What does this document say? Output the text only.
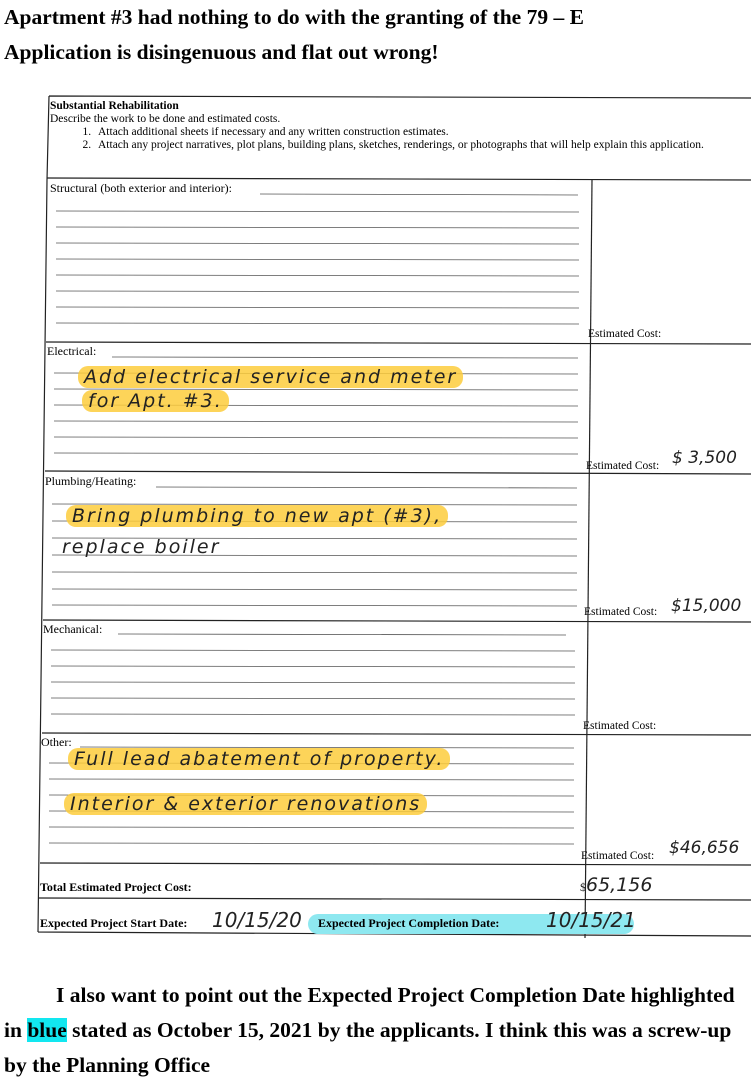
Apartment #3 had nothing to do with the granting of the 79 – E
Application is disingenuous and flat out wrong!
Substantial Rehabilitation
Describe the work to be done and estimated costs.
1. Attach additional sheets if necessary and any written construction estimates.
2. Attach any project narratives, plot plans, building plans, sketches, renderings, or photographs that will help explain this application.
Structural (both exterior and interior):
Estimated Cost:
Electrical:
Add electrical service and meter
for Apt. #3.
Estimated Cost: $ 3,500
Plumbing/Heating:
Bring plumbing to new apt (#3),
replace boiler
Estimated Cost: $15,000
Mechanical:
Estimated Cost:
Other:
Full lead abatement of property.
Interior & exterior renovations
Estimated Cost: $46,656
Total Estimated Project Cost:	$65,156
Expected Project Start Date: 10/15/20 Expected Project Completion Date: 10/15/21
I also want to point out the Expected Project Completion Date highlighted in blue stated as October 15, 2021 by the applicants. I think this was a screw-up by the Planning Office
